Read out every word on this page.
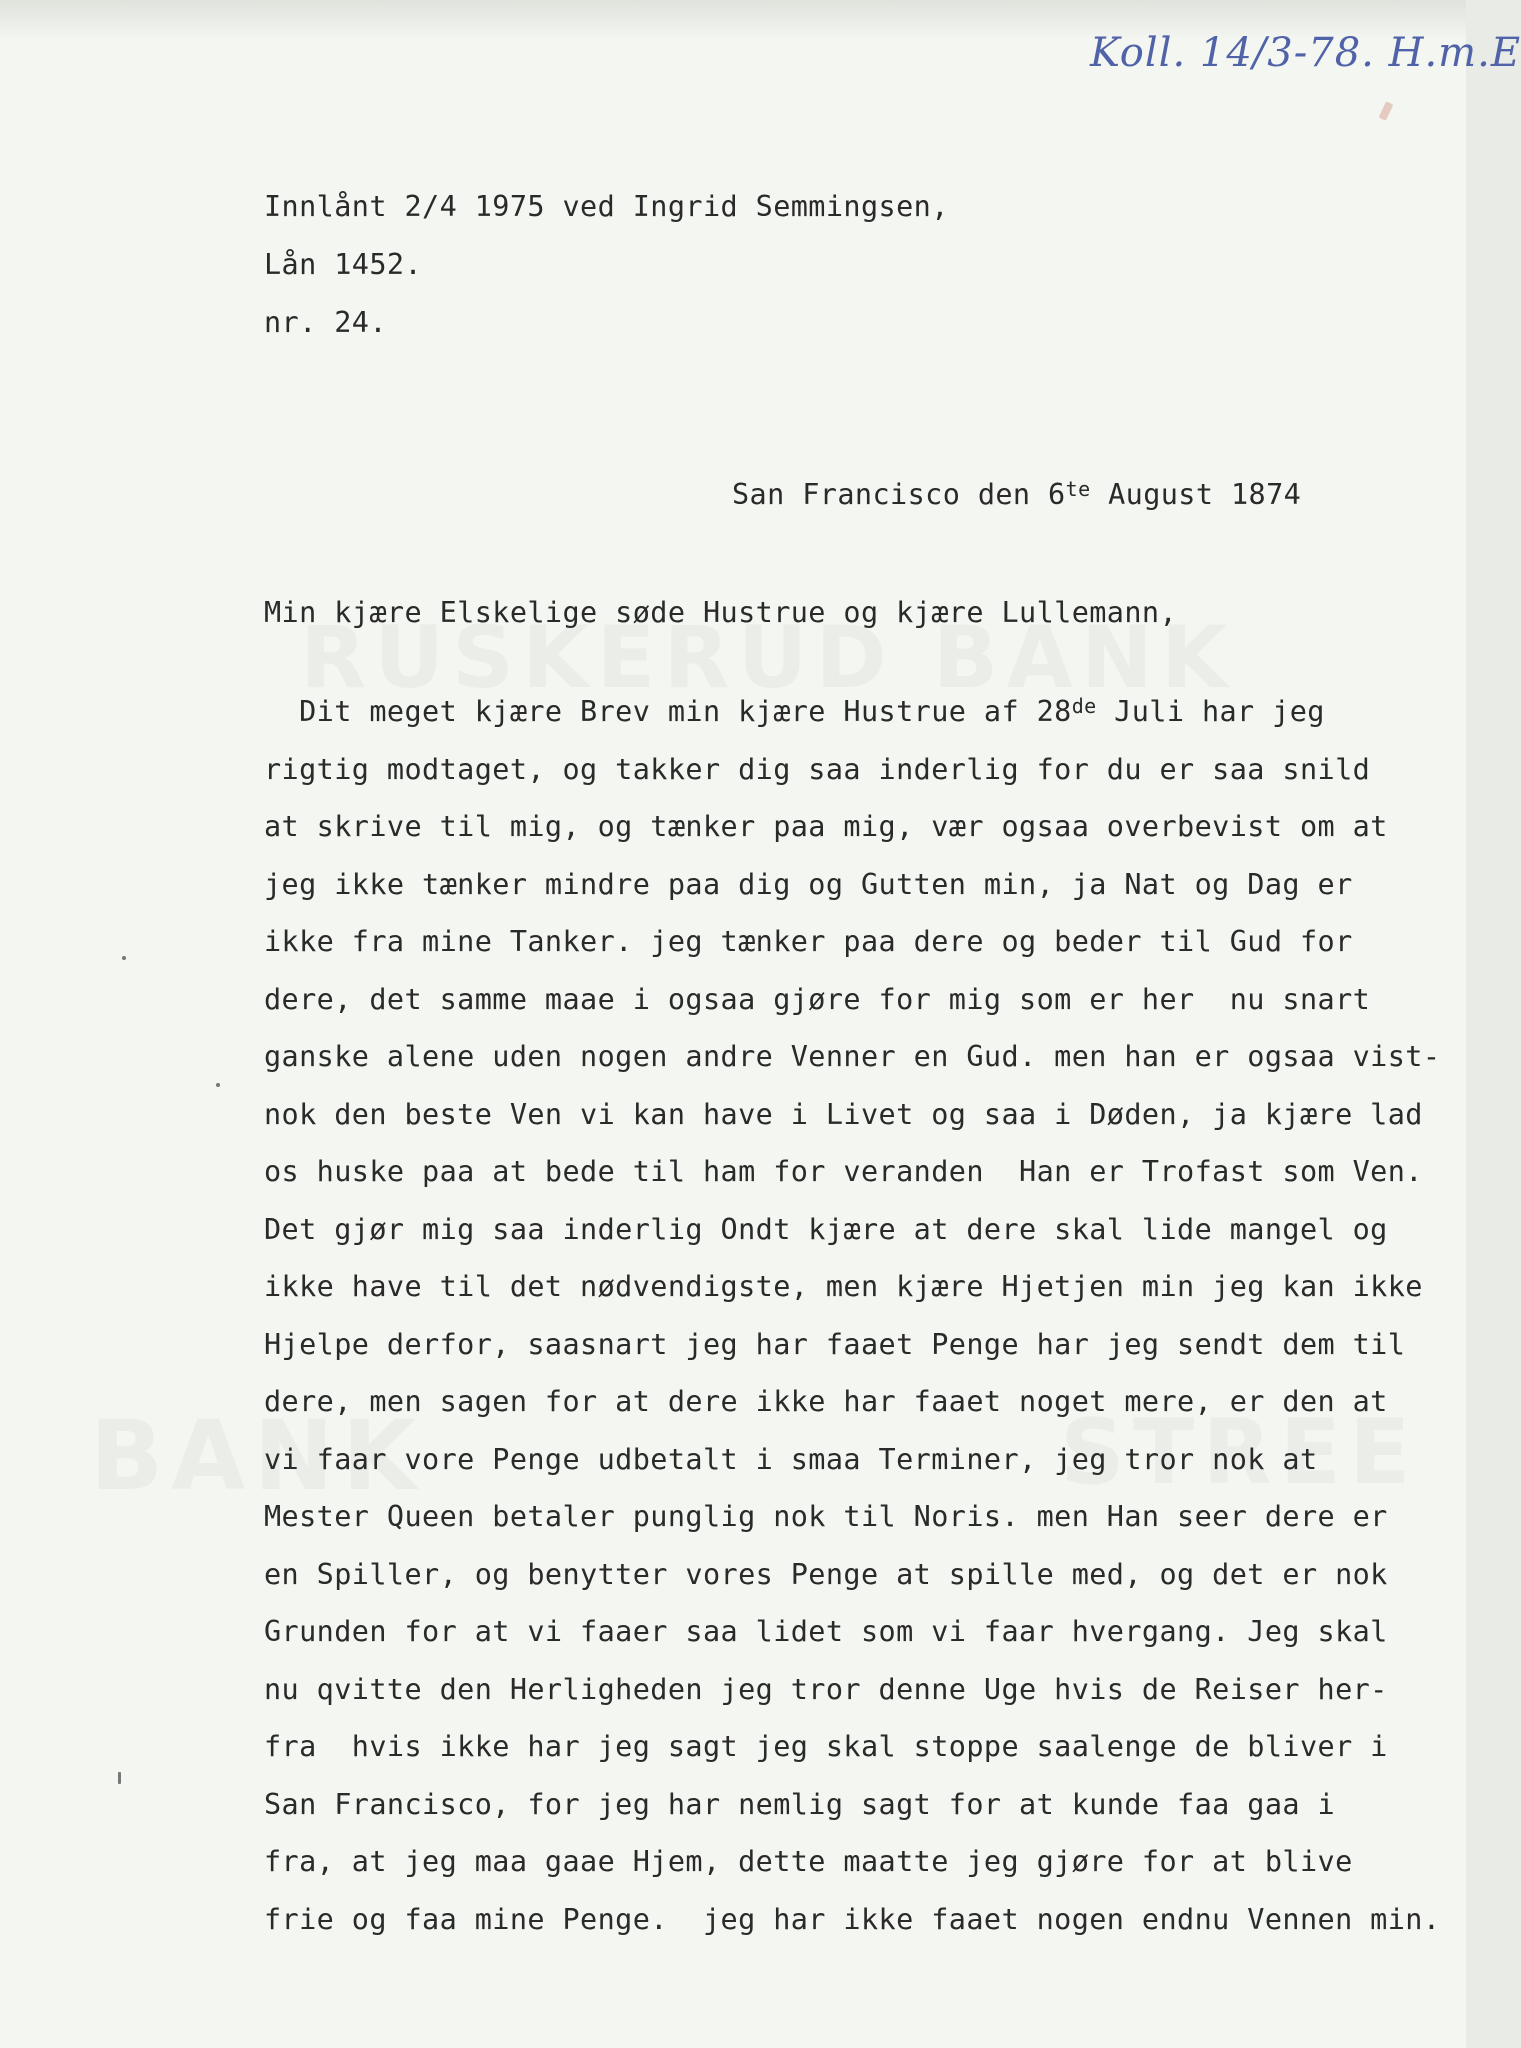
Koll. 14/3-78. H.m.E
Innlånt 2/4 1975 ved Ingrid Semmingsen,
Lån 1452.
nr. 24.
San Francisco den $6^{te}$ August 1874
Min kjære Elskelige søde Hustrue og kjære Lullemann,
Dit meget kjære Brev min kjære Hustrue af 28de Juli har jeg
rigtig modtaget, og takker dig saa inderlig for du er saa snild
at skrive til mig, og tænker paa mig, vær ogsaa overbevist om at
jeg ikke tænker mindre paa dig og Gutten min, ja Nat og Dag er
ikke fra mine Tanker. jeg tænker paa dere og beder til Gud for
dere, det samme maae i ogsaa gjøre for mig som er her  nu snart
ganske alene uden nogen andre Venner en Gud. men han er ogsaa vist-
nok den beste Ven vi kan have i Livet og saa i Døden, ja kjære lad
os huske paa at bede til ham for veranden  Han er Trofast som Ven.
Det gjør mig saa inderlig Ondt kjære at dere skal lide mangel og
ikke have til det nødvendigste, men kjære Hjetjen min jeg kan ikke
Hjelpe derfor, saasnart jeg har faaet Penge har jeg sendt dem til
dere, men sagen for at dere ikke har faaet noget mere, er den at
vi faar vore Penge udbetalt i smaa Terminer, jeg tror nok at
Mester Queen betaler punglig nok til Noris. men Han seer dere er
en Spiller, og benytter vores Penge at spille med, og det er nok
Grunden for at vi faaer saa lidet som vi faar hvergang. Jeg skal
nu qvitte den Herligheden jeg tror denne Uge hvis de Reiser her-
fra  hvis ikke har jeg sagt jeg skal stoppe saalenge de bliver i
San Francisco, for jeg har nemlig sagt for at kunde faa gaa i
fra, at jeg maa gaae Hjem, dette maatte jeg gjøre for at blive
frie og faa mine Penge.  jeg har ikke faaet nogen endnu Vennen min.
